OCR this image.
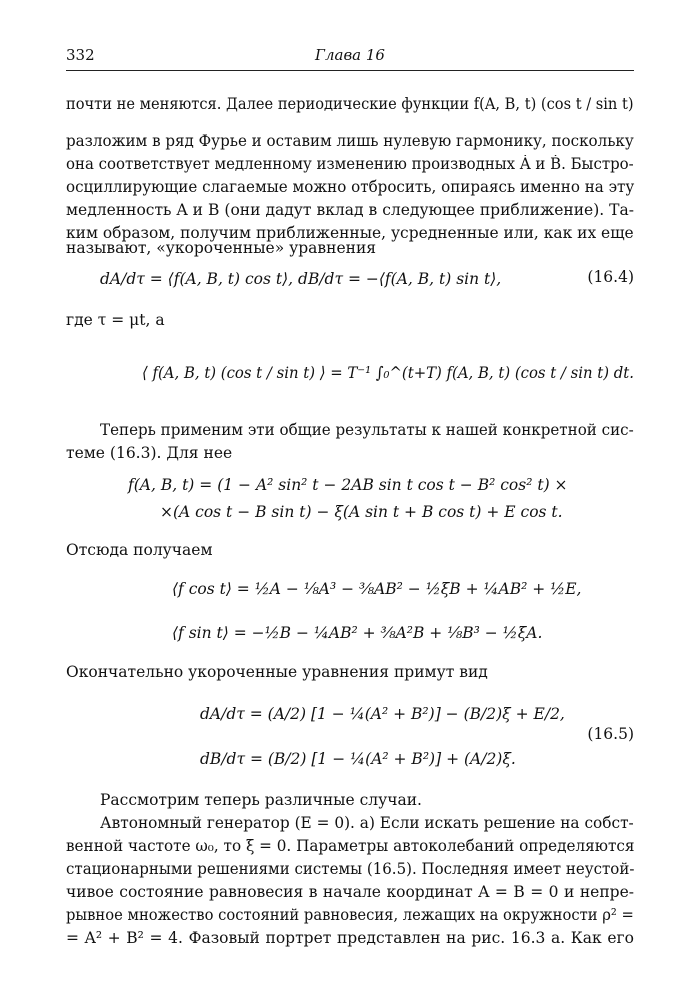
332	Глава 16
почти не меняются. Далее периодические функции f(A, B, t) (cos t / sin t)
разложим в ряд Фурье и оставим лишь нулевую гармонику, поскольку
она соответствует медленному изменению производных Ȧ и Ḃ. Быстро-
осциллирующие слагаемые можно отбросить, опираясь именно на эту
медленность A и B (они дадут вклад в следующее приближение). Та-
ким образом, получим приближенные, усредненные или, как их еще
называют, «укороченные» уравнения
dA/dτ = ⟨f(A, B, t) cos t⟩, dB/dτ = −⟨f(A, B, t) sin t⟩,	(16.4)
где τ = μt, а
⟨ f(A, B, t) (cos t / sin t) ⟩ = T⁻¹ ∫₀^(t+T) f(A, B, t) (cos t / sin t) dt.
Теперь применим эти общие результаты к нашей конкретной сис-
теме (16.3). Для нее
f(A, B, t) = (1 − A² sin² t − 2AB sin t cos t − B² cos² t) ×
×(A cos t − B sin t) − ξ(A sin t + B cos t) + E cos t.
Отсюда получаем
⟨f cos t⟩ = ½A − ⅛A³ − ⅜AB² − ½ξB + ¼AB² + ½E,
⟨f sin t⟩ = −½B − ¼AB² + ⅜A²B + ⅛B³ − ½ξA.
Окончательно укороченные уравнения примут вид
dA/dτ = (A/2) [1 − ¼(A² + B²)] − (B/2)ξ + E/2,
dB/dτ = (B/2) [1 − ¼(A² + B²)] + (A/2)ξ.
(16.5)
Рассмотрим теперь различные случаи.
Автономный генератор (E = 0). а) Если искать решение на собст-
венной частоте ω₀, то ξ = 0. Параметры автоколебаний определяются
стационарными решениями системы (16.5). Последняя имеет неустой-
чивое состояние равновесия в начале координат A = B = 0 и непре-
рывное множество состояний равновесия, лежащих на окружности ρ² =
= A² + B² = 4. Фазовый портрет представлен на рис. 16.3 a. Как его
